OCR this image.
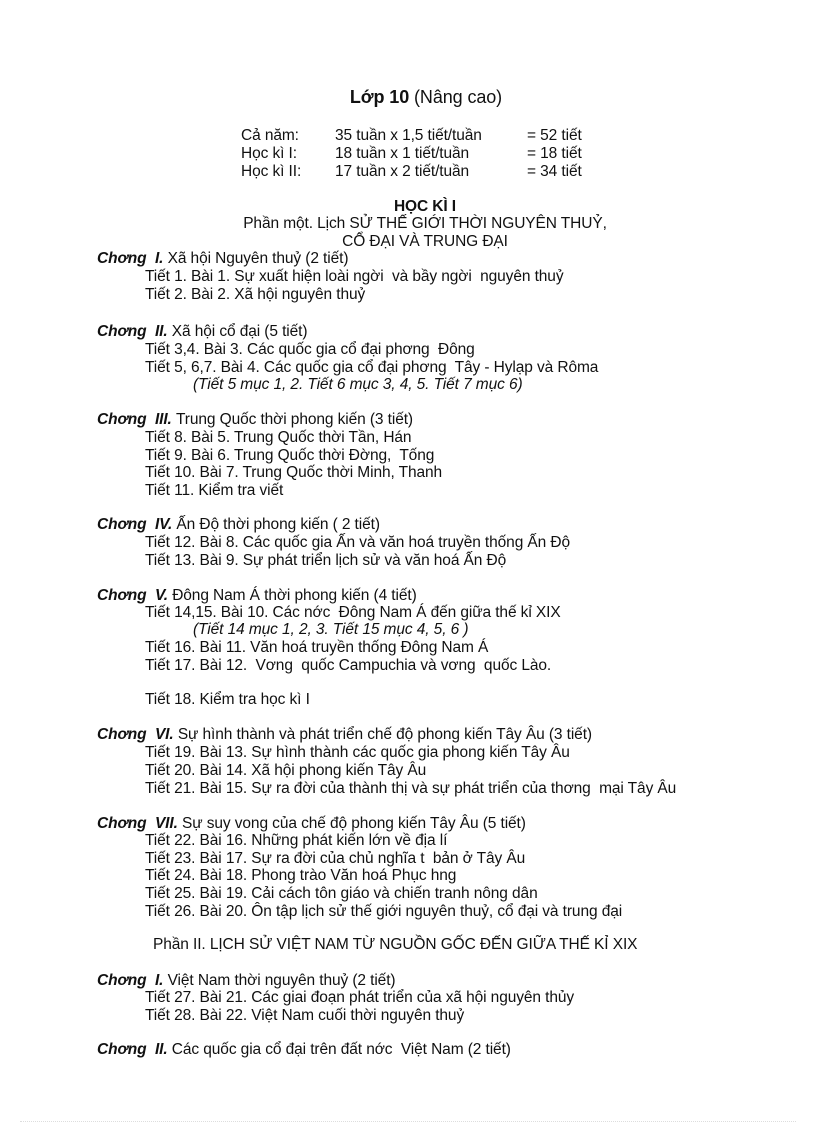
Lớp 10 (Nâng cao)
Cả năm: 35 tuần x 1,5 tiết/tuần	= 52 tiết
Học kì I: 18 tuần x 1 tiết/tuần	= 18 tiết
Học kì II: 17 tuần x 2 tiết/tuần	= 34 tiết
HỌC KÌ I
Phần một. Lịch SỬ THẾ GIỚI THỜI NGUYÊN THUỶ,
CỔ ĐẠI VÀ TRUNG ĐẠI
Chơng I. Xã hội Nguyên thuỷ (2 tiết)
Tiết 1. Bài 1. Sự xuất hiện loài ngời  và bầy ngời  nguyên thuỷ
Tiết 2. Bài 2. Xã hội nguyên thuỷ
Chơng II. Xã hội cổ đại (5 tiết)
Tiết 3,4. Bài 3. Các quốc gia cổ đại phơng  Đông
Tiết 5, 6,7. Bài 4. Các quốc gia cổ đại phơng  Tây - Hylạp và Rôma
(Tiết 5 mục 1, 2. Tiết 6 mục 3, 4, 5. Tiết 7 mục 6)
Chơng III. Trung Quốc thời phong kiến (3 tiết)
Tiết 8. Bài 5. Trung Quốc thời Tần, Hán
Tiết 9. Bài 6. Trung Quốc thời Đờng,  Tống
Tiết 10. Bài 7. Trung Quốc thời Minh, Thanh
Tiết 11. Kiểm tra viết
Chơng IV. Ấn Độ thời phong kiến ( 2 tiết)
Tiết 12. Bài 8. Các quốc gia Ấn và văn hoá truyền thống Ấn Độ
Tiết 13. Bài 9. Sự phát triển lịch sử và văn hoá Ấn Độ
Chơng V. Đông Nam Á thời phong kiến (4 tiết)
Tiết 14,15. Bài 10. Các nớc  Đông Nam Á đến giữa thế kỉ XIX
(Tiết 14 mục 1, 2, 3. Tiết 15 mục 4, 5, 6 )
Tiết 16. Bài 11. Văn hoá truyền thống Đông Nam Á
Tiết 17. Bài 12.  Vơng  quốc Campuchia và vơng  quốc Lào.
Tiết 18. Kiểm tra học kì I
Chơng VI. Sự hình thành và phát triển chế độ phong kiến Tây Âu (3 tiết)
Tiết 19. Bài 13. Sự hình thành các quốc gia phong kiến Tây Âu
Tiết 20. Bài 14. Xã hội phong kiến Tây Âu
Tiết 21. Bài 15. Sự ra đời của thành thị và sự phát triển của thơng  mại Tây Âu
Chơng VII. Sự suy vong của chế độ phong kiến Tây Âu (5 tiết)
Tiết 22. Bài 16. Những phát kiến lớn về địa lí
Tiết 23. Bài 17. Sự ra đời của chủ nghĩa t  bản ở Tây Âu
Tiết 24. Bài 18. Phong trào Văn hoá Phục hng
Tiết 25. Bài 19. Cải cách tôn giáo và chiến tranh nông dân
Tiết 26. Bài 20. Ôn tập lịch sử thế giới nguyên thuỷ, cổ đại và trung đại
Phần II. LỊCH SỬ VIỆT NAM TỪ NGUỒN GỐC ĐẾN GIỮA THẾ KỈ XIX
Chơng I. Việt Nam thời nguyên thuỷ (2 tiết)
Tiết 27. Bài 21. Các giai đoạn phát triển của xã hội nguyên thủy
Tiết 28. Bài 22. Việt Nam cuối thời nguyên thuỷ
Chơng II. Các quốc gia cổ đại trên đất nớc  Việt Nam (2 tiết)
